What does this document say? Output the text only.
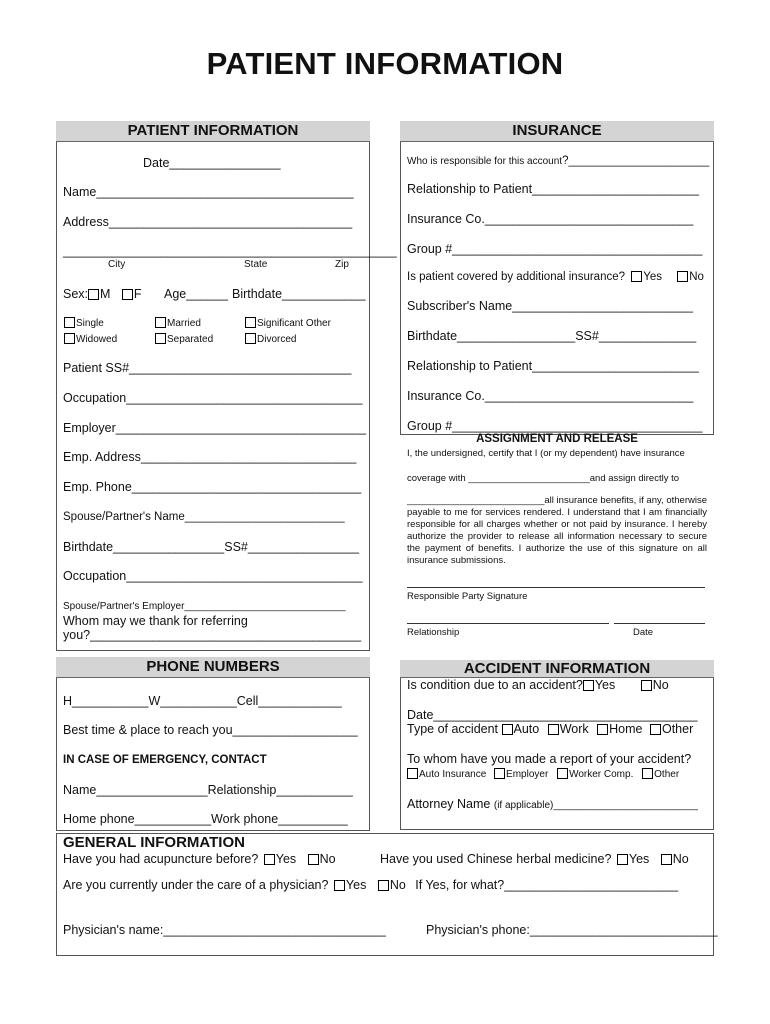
PATIENT INFORMATION
PATIENT INFORMATION
Date________________
Name_____________________________________
Address___________________________________
________________________________________________
City	State	Zip
Sex: M F Age______ Birthdate____________
Single	Married	Significant Other
Widowed	Separated	Divorced
Patient SS#________________________________
Occupation__________________________________
Employer____________________________________
Emp. Address_______________________________
Emp. Phone_________________________________
Spouse/Partner's Name_________________________
Birthdate________________SS#________________
Occupation__________________________________
Spouse/Partner's Employer_____________________________
Whom may we thank for referring
you?_______________________________________
INSURANCE
Who is responsible for this account?______________________
Relationship to Patient________________________
Insurance Co.______________________________
Group #____________________________________
Is patient covered by additional insurance? Yes No
Subscriber's Name__________________________
Birthdate_________________SS#______________
Relationship to Patient________________________
Insurance Co.______________________________
Group #____________________________________
ASSIGNMENT AND RELEASE
I, the undersigned, certify that I (or my dependent) have insurance
coverage with _______________________and assign directly to
__________________________all insurance benefits, if any, otherwise payable to me for services rendered. I understand that I am financially responsible for all charges whether or not paid by insurance. I hereby authorize the provider to release all information necessary to secure the payment of benefits. I authorize the use of this signature on all insurance submissions.
Responsible Party Signature
Relationship	Date
PHONE NUMBERS
H___________W___________Cell____________
Best time & place to reach you__________________
IN CASE OF EMERGENCY, CONTACT
Name________________Relationship___________
Home phone___________Work phone__________
ACCIDENT INFORMATION
Is condition due to an accident? Yes	No
Date______________________________________
Type of accident Auto Work Home Other
To whom have you made a report of your accident?
Auto Insurance Employer Worker Comp. Other
Attorney Name (if applicable)__________________________
GENERAL INFORMATION
Have you had acupuncture before? Yes No	Have you used Chinese herbal medicine? Yes No
Are you currently under the care of a physician? Yes No If Yes, for what?_________________________
Physician's name:________________________________	Physician's phone:___________________________
